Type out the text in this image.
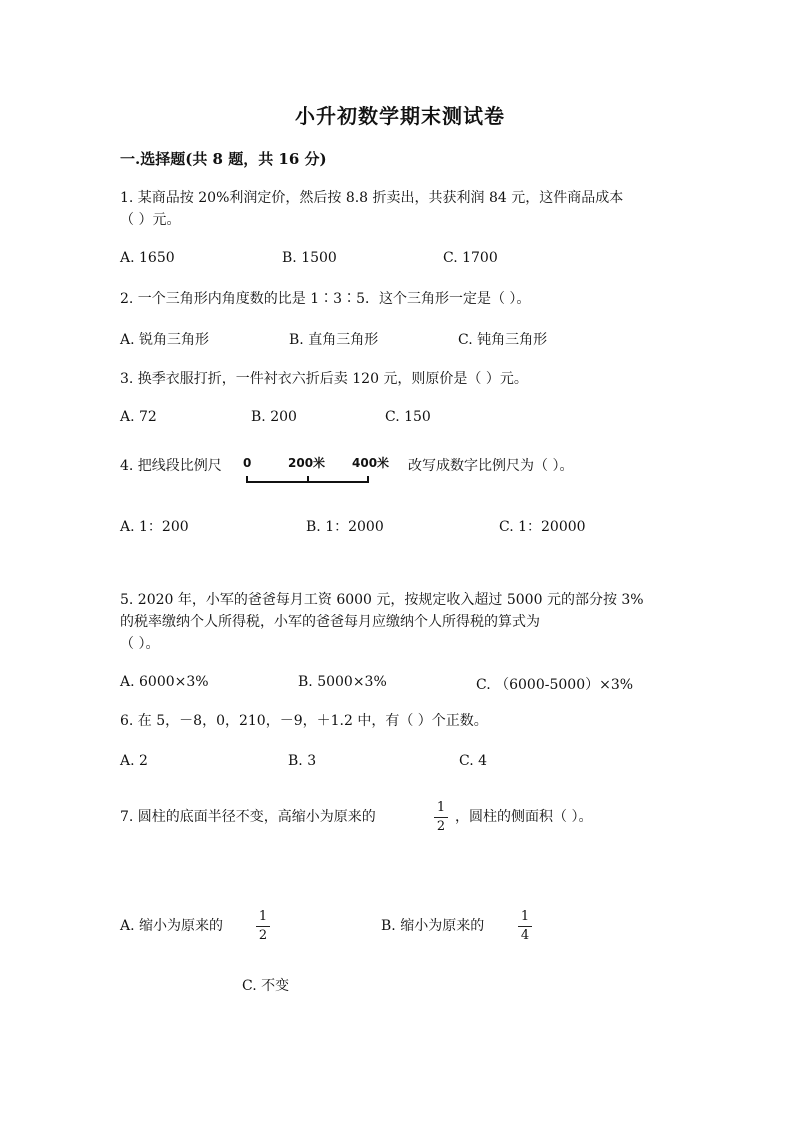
小升初数学期末测试卷
一.选择题(共 8 题，共 16 分)
1. 某商品按 20%利润定价，然后按 8.8 折卖出，共获利润 84 元，这件商品成本
（ ）元。
A. 1650	B. 1500	C. 1700
2. 一个三角形内角度数的比是 1∶3∶5．这个三角形一定是（ ）。
A. 锐角三角形	B. 直角三角形	C. 钝角三角形
3. 换季衣服打折，一件衬衣六折后卖 120 元，则原价是（ ）元。
A. 72	B. 200	C. 150
4. 把线段比例尺 0	200米 400米 改写成数字比例尺为（ ）。
A. 1：200	B. 1：2000	C. 1：20000
5. 2020 年，小军的爸爸每月工资 6000 元，按规定收入超过 5000 元的部分按 3%
的税率缴纳个人所得税，小军的爸爸每月应缴纳个人所得税的算式为
（ ）。
A. 6000×3%	B. 5000×3%	C. （6000-5000）×3%
6. 在 5，－8，0，210，－9，＋1.2 中，有（ ）个正数。
A. 2	B. 3	C. 4
7. 圆柱的底面半径不变，高缩小为原来的
1
2
，圆柱的侧面积（ ）。
A. 缩小为原来的
1
2
B. 缩小为原来的
1
4
C. 不变
